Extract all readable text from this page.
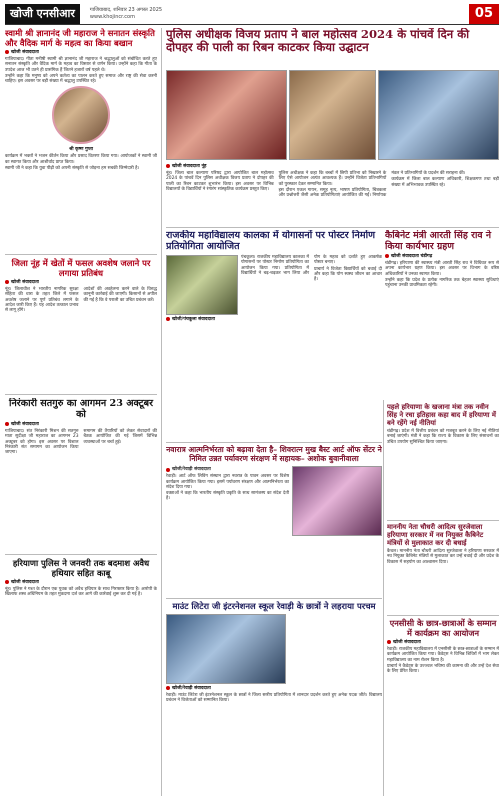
खोजी एनसीआर	गाजियाबाद, शनिवार 23 अगस्त 2025
www.khojincr.com	05
स्वामी श्री ज्ञानानंद जी महाराज ने सनातन संस्कृति और वैदिक मार्ग के महत्व का किया बखान
खोजी संवाददाता

गाजियाबाद। गीता मनीषी स्वामी श्री ज्ञानानंद जी महाराज ने श्रद्धालुओं को संबोधित करते हुए सनातन संस्कृति और वैदिक मार्ग के महत्व का विस्तार से वर्णन किया। उन्होंने कहा कि गीता के उपदेश आज भी उतने ही प्रासंगिक हैं जितने हजारों वर्ष पहले थे।

उन्होंने कहा कि मनुष्य को अपने कर्तव्य का पालन करते हुए समाज और राष्ट्र की सेवा करनी चाहिए। इस अवसर पर बड़ी संख्या में श्रद्धालु उपस्थित रहे।

श्री कृष्ण गुप्ता

कार्यक्रम में भक्तों ने भजन कीर्तन किया और प्रसाद वितरण किया गया। आयोजकों ने स्वामी जी का स्वागत किया और आशीर्वाद प्राप्त किया।

स्वामी जी ने कहा कि युवा पीढ़ी को अपनी संस्कृति से जोड़ना हम सबकी जिम्मेदारी है।

जिला नूंह में खेतों में फसल अवशेष जलाने पर लगाया प्रतिबंध
खोजी संवाददाता

नूंह। जिलाधीश ने भारतीय नागरिक सुरक्षा संहिता की धारा के तहत जिले में फसल अवशेष जलाने पर पूर्ण प्रतिबंध लगाने के आदेश जारी किए हैं। यह आदेश तत्काल प्रभाव से लागू होंगे।

आदेशों की अवहेलना करने वाले के विरुद्ध कानूनी कार्रवाई की जाएगी। किसानों से अपील की गई है कि वे पराली का उचित प्रबंधन करें।

निरंकारी सतगुरु का आगमन 23 अक्टूबर को
खोजी संवाददाता

गाजियाबाद। संत निरंकारी मिशन की सतगुरु माता सुदीक्षा जी महाराज का आगमन 23 अक्टूबर को होगा। इस अवसर पर विशाल निरंकारी संत समागम का आयोजन किया जाएगा।

समागम की तैयारियों को लेकर सेवादारों की बैठक आयोजित की गई जिसमें विभिन्न व्यवस्थाओं पर चर्चा हुई।

हरियाणा पुलिस ने जनवरी तक बदमाश अवैध हथियार सहित काबू
खोजी संवाददाता

नूंह। पुलिस ने गश्त के दौरान एक युवक को अवैध हथियार के साथ गिरफ्तार किया है। आरोपी के खिलाफ शस्त्र अधिनियम के तहत मुकदमा दर्ज कर आगे की कार्रवाई शुरू कर दी गई है।

पुलिस अधीक्षक विजय प्रताप ने बाल महोत्सव 2024 के पांचवें दिन की दोपहर की पाली का रिबन काटकर किया उद्घाटन
खोजी संवाददाता नूंह

नूंह। जिला बाल कल्याण परिषद द्वारा आयोजित बाल महोत्सव 2024 के पांचवें दिन पुलिस अधीक्षक विजय प्रताप ने दोपहर की पाली का रिबन काटकर शुभारंभ किया। इस अवसर पर विभिन्न विद्यालयों के विद्यार्थियों ने रंगारंग सांस्कृतिक कार्यक्रम प्रस्तुत किए।

पुलिस अधीक्षक ने कहा कि बच्चों में छिपी प्रतिभा को निखारने के लिए ऐसे आयोजन अत्यंत आवश्यक हैं। उन्होंने विजेता प्रतिभागियों को पुरस्कार देकर सम्मानित किया।

इस दौरान एकल गायन, समूह नृत्य, भाषण प्रतियोगिता, चित्रकला और प्रश्नोत्तरी जैसी अनेक प्रतियोगिताएं आयोजित की गईं। निर्णायक मंडल ने प्रतिभागियों के प्रदर्शन की सराहना की।

कार्यक्रम में जिला बाल कल्याण अधिकारी, शिक्षकगण तथा बड़ी संख्या में अभिभावक उपस्थित रहे।

राजकीय महाविद्यालय कालका में योगासनों पर पोस्टर निर्माण प्रतियोगिता आयोजित
खोजी/पंचकूला संवाददाता

पंचकूला। राजकीय महाविद्यालय कालका में योगासनों पर पोस्टर निर्माण प्रतियोगिता का आयोजन किया गया। प्रतियोगिता में विद्यार्थियों ने बढ़-चढ़कर भाग लिया और योग के महत्व को दर्शाते हुए आकर्षक पोस्टर बनाए।

प्राचार्य ने विजेता विद्यार्थियों को बधाई दी और कहा कि योग स्वस्थ जीवन का आधार है।

कैबिनेट मंत्री आरती सिंह राव ने किया कार्यभार ग्रहण
खोजी संवाददाता चंडीगढ़

चंडीगढ़। हरियाणा की स्वास्थ्य मंत्री आरती सिंह राव ने विधिवत रूप से अपना कार्यभार ग्रहण किया। इस अवसर पर विभाग के वरिष्ठ अधिकारियों ने उनका स्वागत किया।

उन्होंने कहा कि प्रदेश के प्रत्येक नागरिक तक बेहतर स्वास्थ्य सुविधाएं पहुंचाना उनकी प्राथमिकता रहेगी।

नवारात्र आत्मनिर्भरता को बढ़ावा देता है– शिवरात्न मुख बैस्ट आर्ट ऑफ सेंटर ने निमित उन्नत पर्यावरण संरक्षण में सहायक– अशोक बुवानीवाला
खोजी/रेवाड़ी संवाददाता

रेवाड़ी। आर्ट ऑफ लिविंग संस्थान द्वारा नवरात्र के पावन अवसर पर विशेष कार्यक्रम आयोजित किया गया। इसमें पर्यावरण संरक्षण और आत्मनिर्भरता का संदेश दिया गया।

वक्ताओं ने कहा कि भारतीय संस्कृति प्रकृति के साथ सामंजस्य का संदेश देती है।

माउंट लिटेरा जी इंटरनेशनल स्कूल रेवाड़ी के छात्रों ने लहराया परचम
खोजी/रेवाड़ी संवाददाता

रेवाड़ी। माउंट लिटेरा जी इंटरनेशनल स्कूल के छात्रों ने जिला स्तरीय प्रतियोगिता में शानदार प्रदर्शन करते हुए अनेक पदक जीते। विद्यालय प्रबंधन ने विजेताओं को सम्मानित किया।

पहले हरियाणा के खजाना मंत्रा तक नवीन सिंह ने रचा इतिहास कहा बाद में हरियाणा में बने रहेंगे नई नीतियां

चंडीगढ़। प्रदेश में वित्तीय प्रबंधन को मजबूत करने के लिए नई नीतियां बनाई जाएंगी। मंत्री ने कहा कि राज्य के विकास के लिए संसाधनों का उचित उपयोग सुनिश्चित किया जाएगा।

माननीय नेता चौधरी आदित्य सुरजेवाला हरियाणा सरकार में नव नियुक्त कैबिनेट मंत्रियों से मुलाकात कर दी बधाई

कैथल। माननीय नेता चौधरी आदित्य सुरजेवाला ने हरियाणा सरकार में नव नियुक्त कैबिनेट मंत्रियों से मुलाकात कर उन्हें बधाई दी और प्रदेश के विकास में सहयोग का आश्वासन दिया।

एनसीसी के छात्र-छात्राओं के सम्मान में कार्यक्रम का आयोजन
खोजी संवाददाता

रेवाड़ी। राजकीय महाविद्यालय में एनसीसी के छात्र-छात्राओं के सम्मान में कार्यक्रम आयोजित किया गया। कैडेट्स ने विभिन्न शिविरों में भाग लेकर महाविद्यालय का नाम रोशन किया है।

प्राचार्य ने कैडेट्स के उज्ज्वल भविष्य की कामना की और उन्हें देश सेवा के लिए प्रेरित किया।
